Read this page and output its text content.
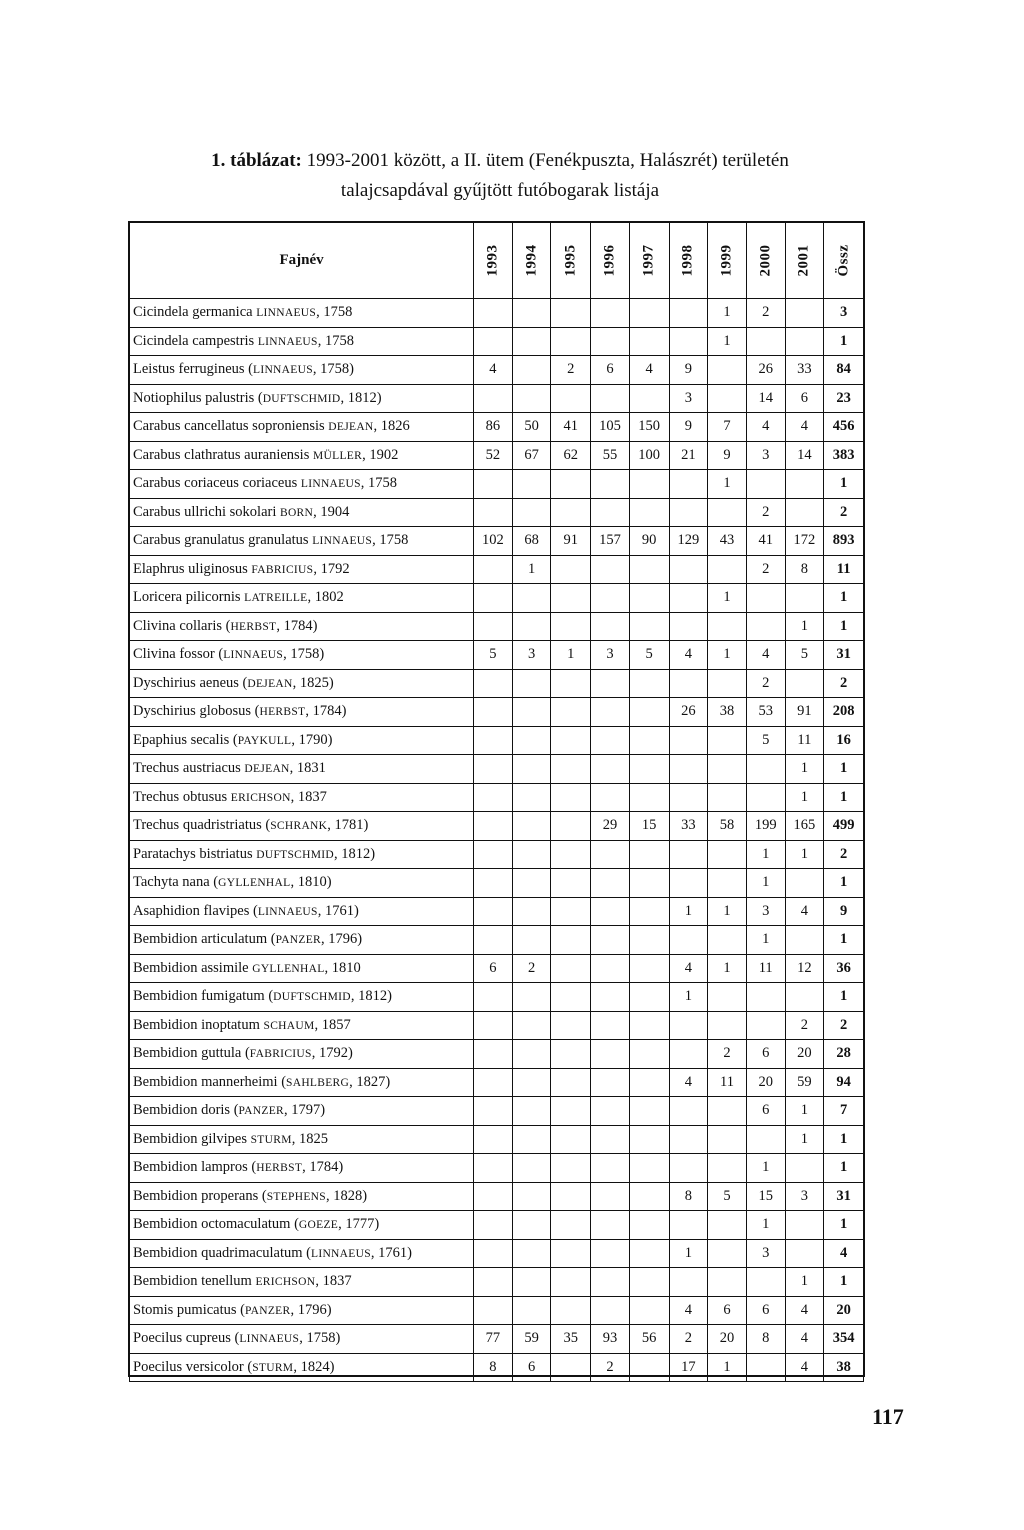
1. táblázat: 1993-2001 között, a II. ütem (Fenékpuszta, Halászrét) területén
talajcsapdával gyűjtött futóbogarak listája
Fajnév	1993	1994	1995	1996	1997	1998	1999	2000	2001	Össz
Cicindela germanica LINNAEUS, 1758							1	2		3
Cicindela campestris LINNAEUS, 1758							1			1
Leistus ferrugineus (LINNAEUS, 1758)	4		2	6	4	9		26	33	84
Notiophilus palustris (DUFTSCHMID, 1812)						3		14	6	23
Carabus cancellatus soproniensis DEJEAN, 1826	86	50	41	105	150	9	7	4	4	456
Carabus clathratus auraniensis MÜLLER, 1902	52	67	62	55	100	21	9	3	14	383
Carabus coriaceus coriaceus LINNAEUS, 1758							1			1
Carabus ullrichi sokolari BORN, 1904								2		2
Carabus granulatus granulatus LINNAEUS, 1758	102	68	91	157	90	129	43	41	172	893
Elaphrus uliginosus FABRICIUS, 1792		1						2	8	11
Loricera pilicornis LATREILLE, 1802							1			1
Clivina collaris (HERBST, 1784)									1	1
Clivina fossor (LINNAEUS, 1758)	5	3	1	3	5	4	1	4	5	31
Dyschirius aeneus (DEJEAN, 1825)								2		2
Dyschirius globosus (HERBST, 1784)						26	38	53	91	208
Epaphius secalis (PAYKULL, 1790)								5	11	16
Trechus austriacus DEJEAN, 1831									1	1
Trechus obtusus ERICHSON, 1837									1	1
Trechus quadristriatus (SCHRANK, 1781)				29	15	33	58	199	165	499
Paratachys bistriatus DUFTSCHMID, 1812)								1	1	2
Tachyta nana (GYLLENHAL, 1810)								1		1
Asaphidion flavipes (LINNAEUS, 1761)						1	1	3	4	9
Bembidion articulatum (PANZER, 1796)								1		1
Bembidion assimile GYLLENHAL, 1810	6	2				4	1	11	12	36
Bembidion fumigatum (DUFTSCHMID, 1812)						1				1
Bembidion inoptatum SCHAUM, 1857									2	2
Bembidion guttula (FABRICIUS, 1792)							2	6	20	28
Bembidion mannerheimi (SAHLBERG, 1827)						4	11	20	59	94
Bembidion doris (PANZER, 1797)								6	1	7
Bembidion gilvipes STURM, 1825									1	1
Bembidion lampros (HERBST, 1784)								1		1
Bembidion properans (STEPHENS, 1828)						8	5	15	3	31
Bembidion octomaculatum (GOEZE, 1777)								1		1
Bembidion quadrimaculatum (LINNAEUS, 1761)						1		3		4
Bembidion tenellum ERICHSON, 1837									1	1
Stomis pumicatus (PANZER, 1796)						4	6	6	4	20
Poecilus cupreus (LINNAEUS, 1758)	77	59	35	93	56	2	20	8	4	354
Poecilus versicolor (STURM, 1824)	8	6		2		17	1		4	38
117
